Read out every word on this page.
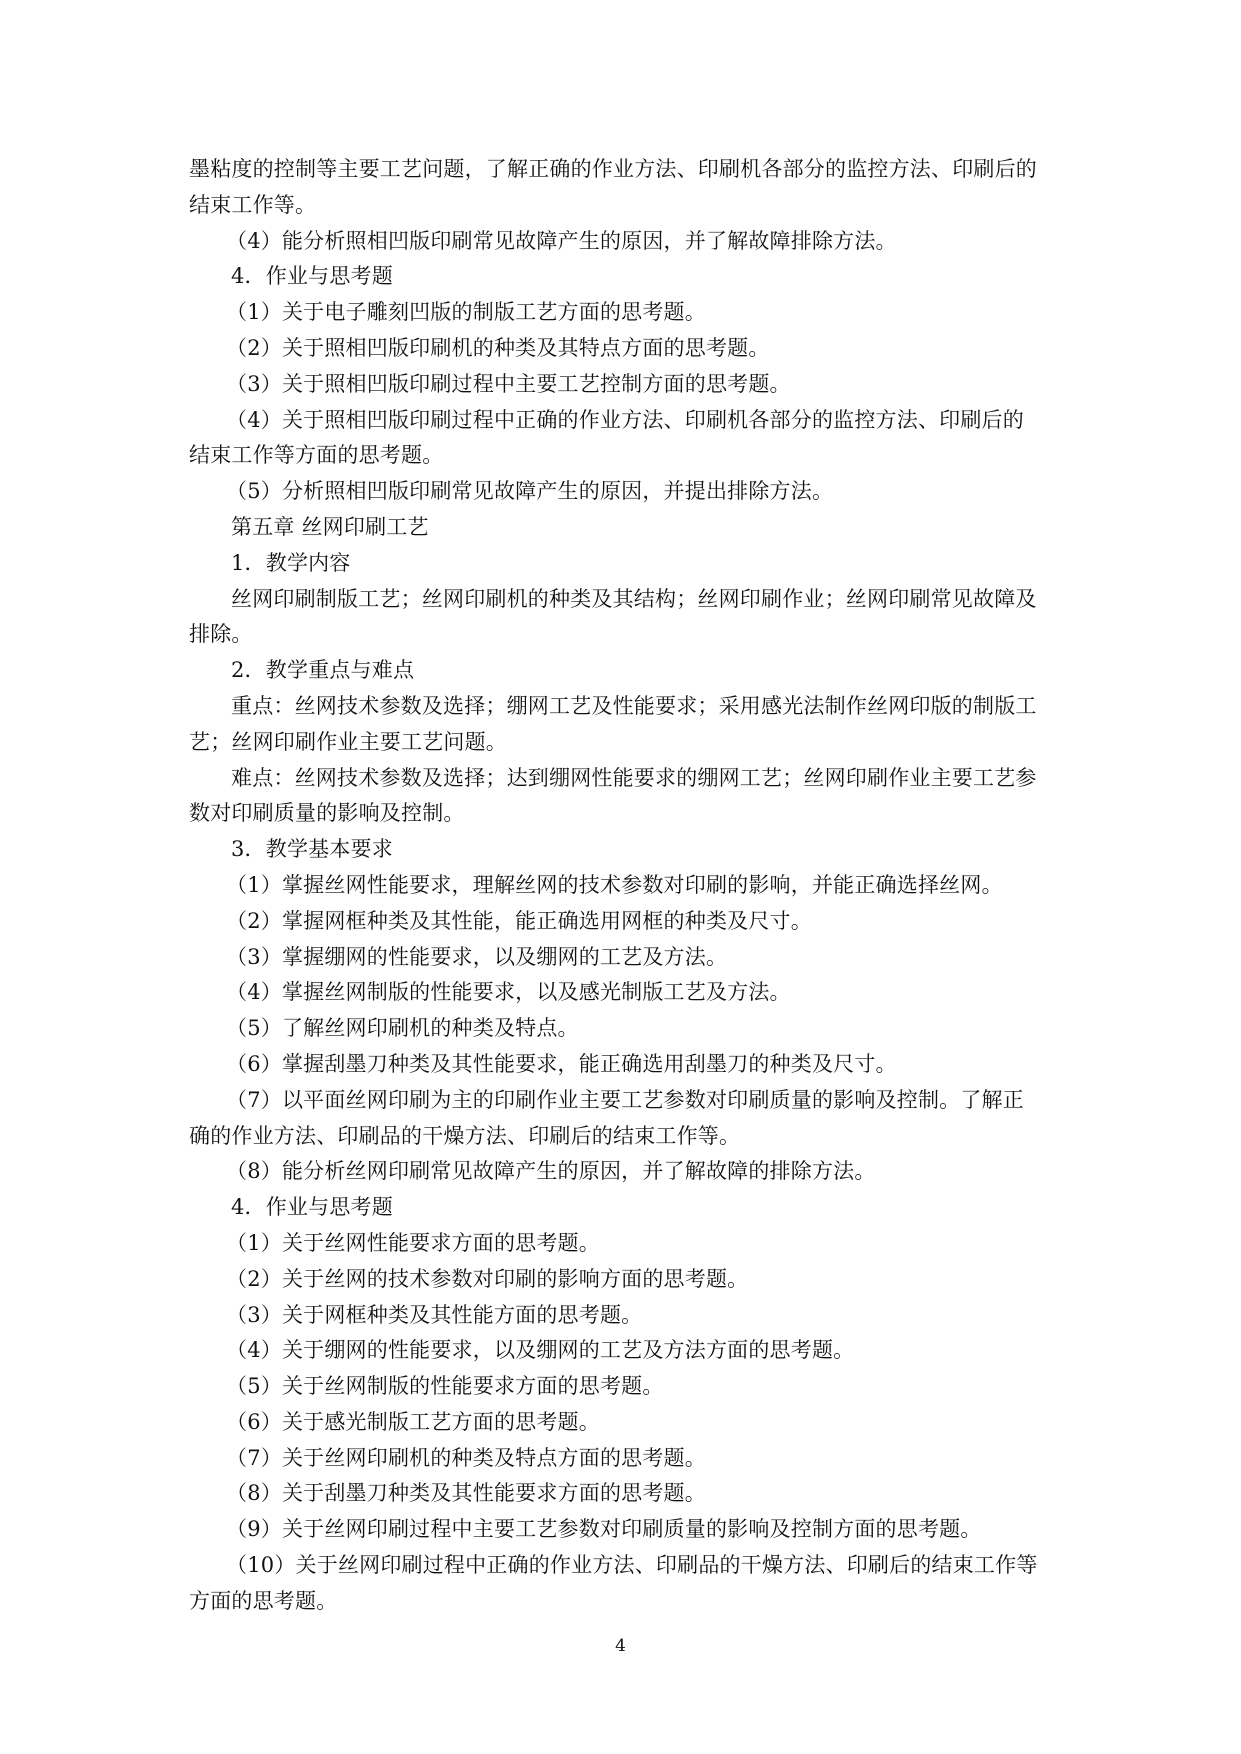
墨粘度的控制等主要工艺问题，了解正确的作业方法、印刷机各部分的监控方法、印刷后的
结束工作等。
（4）能分析照相凹版印刷常见故障产生的原因，并了解故障排除方法。
4．作业与思考题
（1）关于电子雕刻凹版的制版工艺方面的思考题。
（2）关于照相凹版印刷机的种类及其特点方面的思考题。
（3）关于照相凹版印刷过程中主要工艺控制方面的思考题。
（4）关于照相凹版印刷过程中正确的作业方法、印刷机各部分的监控方法、印刷后的
结束工作等方面的思考题。
（5）分析照相凹版印刷常见故障产生的原因，并提出排除方法。
第五章 丝网印刷工艺
1．教学内容
丝网印刷制版工艺；丝网印刷机的种类及其结构；丝网印刷作业；丝网印刷常见故障及
排除。
2．教学重点与难点
重点：丝网技术参数及选择；绷网工艺及性能要求；采用感光法制作丝网印版的制版工
艺；丝网印刷作业主要工艺问题。
难点：丝网技术参数及选择；达到绷网性能要求的绷网工艺；丝网印刷作业主要工艺参
数对印刷质量的影响及控制。
3．教学基本要求
（1）掌握丝网性能要求，理解丝网的技术参数对印刷的影响，并能正确选择丝网。
（2）掌握网框种类及其性能，能正确选用网框的种类及尺寸。
（3）掌握绷网的性能要求，以及绷网的工艺及方法。
（4）掌握丝网制版的性能要求，以及感光制版工艺及方法。
（5）了解丝网印刷机的种类及特点。
（6）掌握刮墨刀种类及其性能要求，能正确选用刮墨刀的种类及尺寸。
（7）以平面丝网印刷为主的印刷作业主要工艺参数对印刷质量的影响及控制。了解正
确的作业方法、印刷品的干燥方法、印刷后的结束工作等。
（8）能分析丝网印刷常见故障产生的原因，并了解故障的排除方法。
4．作业与思考题
（1）关于丝网性能要求方面的思考题。
（2）关于丝网的技术参数对印刷的影响方面的思考题。
（3）关于网框种类及其性能方面的思考题。
（4）关于绷网的性能要求，以及绷网的工艺及方法方面的思考题。
（5）关于丝网制版的性能要求方面的思考题。
（6）关于感光制版工艺方面的思考题。
（7）关于丝网印刷机的种类及特点方面的思考题。
（8）关于刮墨刀种类及其性能要求方面的思考题。
（9）关于丝网印刷过程中主要工艺参数对印刷质量的影响及控制方面的思考题。
（10）关于丝网印刷过程中正确的作业方法、印刷品的干燥方法、印刷后的结束工作等
方面的思考题。
4
